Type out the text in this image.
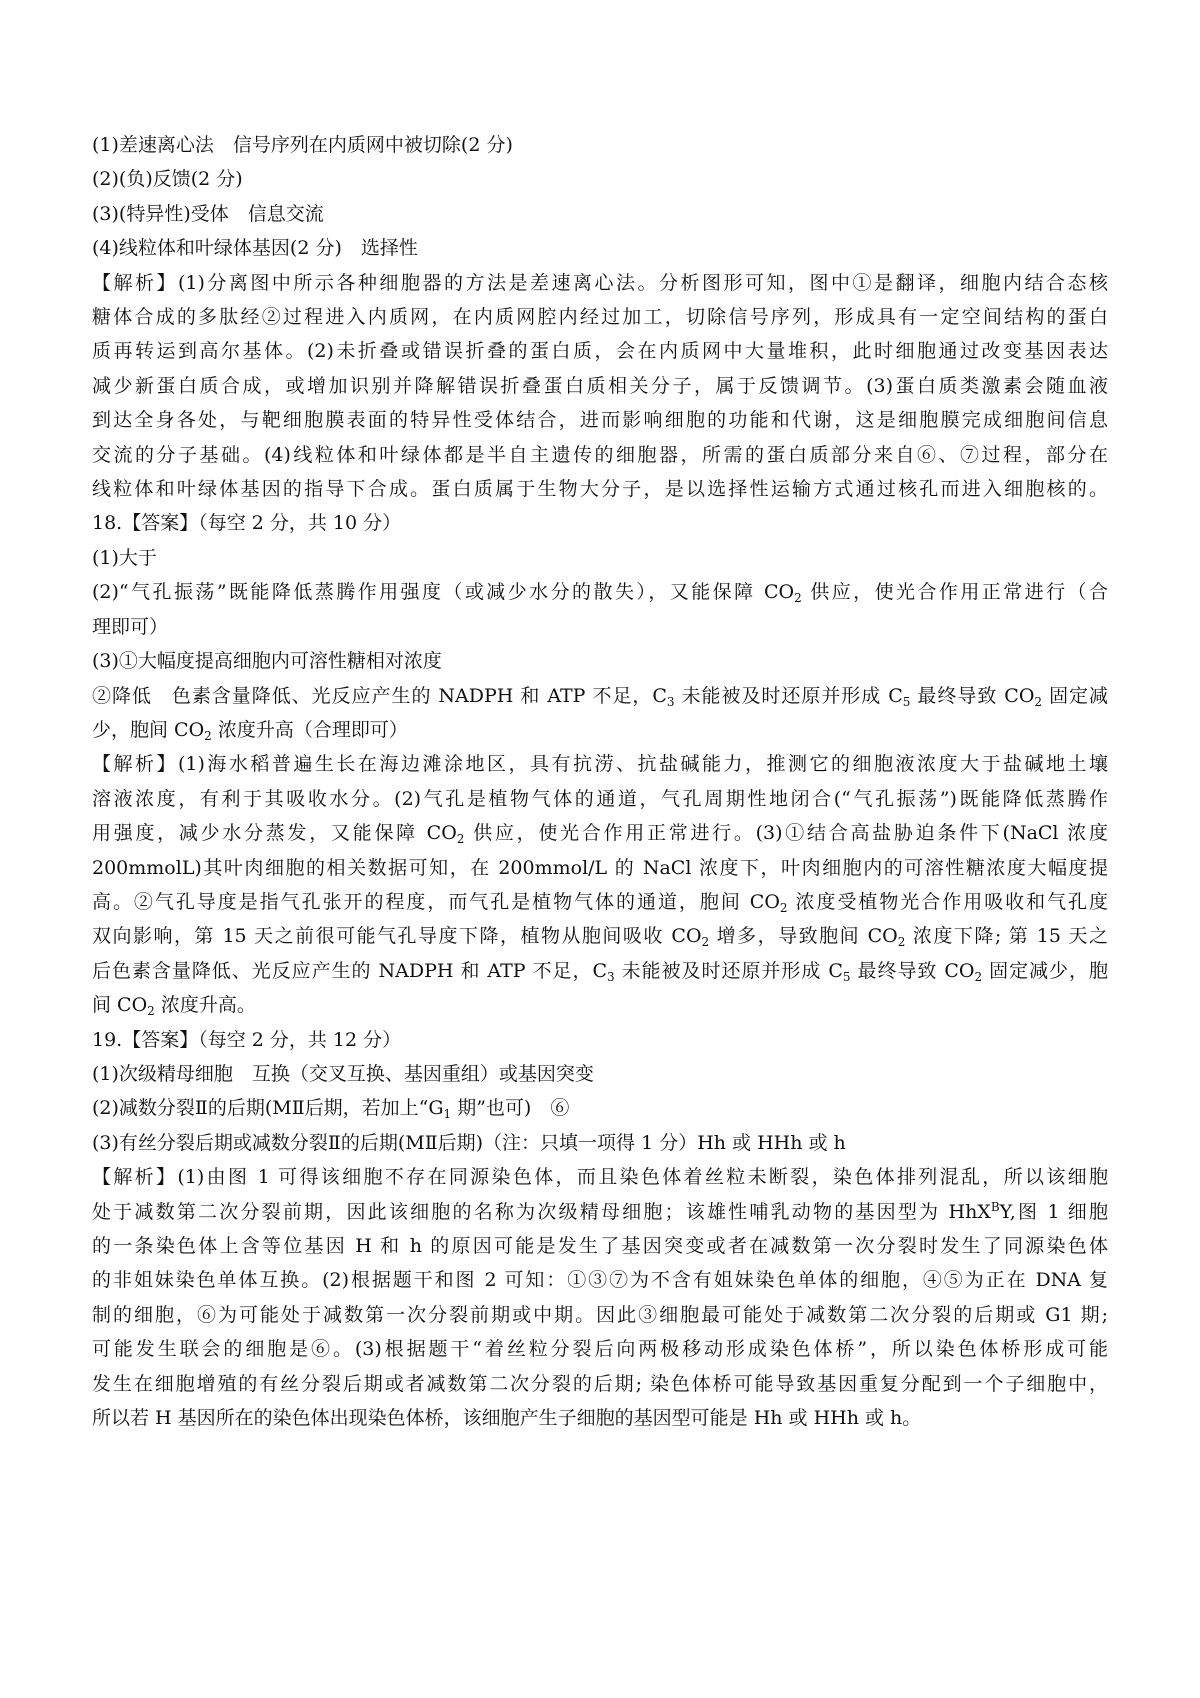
(1)差速离心法　信号序列在内质网中被切除(2 分)

(2)(负)反馈(2 分)

(3)(特异性)受体　信息交流

(4)线粒体和叶绿体基因(2 分)　选择性

【解析】(1)分离图中所示各种细胞器的方法是差速离心法。分析图形可知，图中①是翻译，细胞内结合态核

糖体合成的多肽经②过程进入内质网，在内质网腔内经过加工，切除信号序列，形成具有一定空间结构的蛋白

质再转运到高尔基体。(2)未折叠或错误折叠的蛋白质，会在内质网中大量堆积，此时细胞通过改变基因表达

减少新蛋白质合成，或增加识别并降解错误折叠蛋白质相关分子，属于反馈调节。(3)蛋白质类激素会随血液

到达全身各处，与靶细胞膜表面的特异性受体结合，进而影响细胞的功能和代谢，这是细胞膜完成细胞间信息

交流的分子基础。(4)线粒体和叶绿体都是半自主遗传的细胞器，所需的蛋白质部分来自⑥、⑦过程，部分在

线粒体和叶绿体基因的指导下合成。蛋白质属于生物大分子，是以选择性运输方式通过核孔而进入细胞核的。

18.【答案】（每空 2 分，共 10 分）

(1)大于

(2)“气孔振荡”既能降低蒸腾作用强度（或减少水分的散失），又能保障 $CO_2$ 供应，使光合作用正常进行（合

理即可）

(3)①大幅度提高细胞内可溶性糖相对浓度

②降低　色素含量降低、光反应产生的 NADPH 和 ATP 不足，$C_3$ 未能被及时还原并形成 $C_5$ 最终导致 $CO_2$ 固定减

少，胞间 $CO_2$ 浓度升高（合理即可）

【解析】(1)海水稻普遍生长在海边滩涂地区，具有抗涝、抗盐碱能力，推测它的细胞液浓度大于盐碱地土壤

溶液浓度，有利于其吸收水分。(2)气孔是植物气体的通道，气孔周期性地闭合(“气孔振荡”)既能降低蒸腾作

用强度，减少水分蒸发，又能保障 $CO_2$ 供应，使光合作用正常进行。(3)①结合高盐胁迫条件下(NaCl 浓度

200mmolL)其叶肉细胞的相关数据可知，在 200mmol/L 的 NaCl 浓度下，叶肉细胞内的可溶性糖浓度大幅度提

高。②气孔导度是指气孔张开的程度，而气孔是植物气体的通道，胞间 $CO_2$ 浓度受植物光合作用吸收和气孔度

双向影响，第 15 天之前很可能气孔导度下降，植物从胞间吸收 $CO_2$ 增多，导致胞间 $CO_2$ 浓度下降; 第 15 天之

后色素含量降低、光反应产生的 NADPH 和 ATP 不足，$C_3$ 未能被及时还原并形成 $C_5$ 最终导致 $CO_2$ 固定减少，胞

间 $CO_2$ 浓度升高。

19.【答案】（每空 2 分，共 12 分）

(1)次级精母细胞　互换（交叉互换、基因重组）或基因突变

(2)减数分裂Ⅱ的后期(MⅡ后期，若加上“$G_1$ 期”也可)　⑥

(3)有丝分裂后期或减数分裂Ⅱ的后期(MⅡ后期)（注：只填一项得 1 分）Hh 或 HHh 或 h

【解析】(1)由图 1 可得该细胞不存在同源染色体，而且染色体着丝粒未断裂，染色体排列混乱，所以该细胞

处于减数第二次分裂前期，因此该细胞的名称为次级精母细胞；该雄性哺乳动物的基因型为 HhX$^B$Y,图 1 细胞

的一条染色体上含等位基因 H 和 h 的原因可能是发生了基因突变或者在减数第一次分裂时发生了同源染色体

的非姐妹染色单体互换。(2)根据题干和图 2 可知：①③⑦为不含有姐妹染色单体的细胞，④⑤为正在 DNA 复

制的细胞，⑥为可能处于减数第一次分裂前期或中期。因此③细胞最可能处于减数第二次分裂的后期或 G1 期;

可能发生联会的细胞是⑥。(3)根据题干“着丝粒分裂后向两极移动形成染色体桥”，所以染色体桥形成可能

发生在细胞增殖的有丝分裂后期或者减数第二次分裂的后期; 染色体桥可能导致基因重复分配到一个子细胞中，

所以若 H 基因所在的染色体出现染色体桥，该细胞产生子细胞的基因型可能是 Hh 或 HHh 或 h。
